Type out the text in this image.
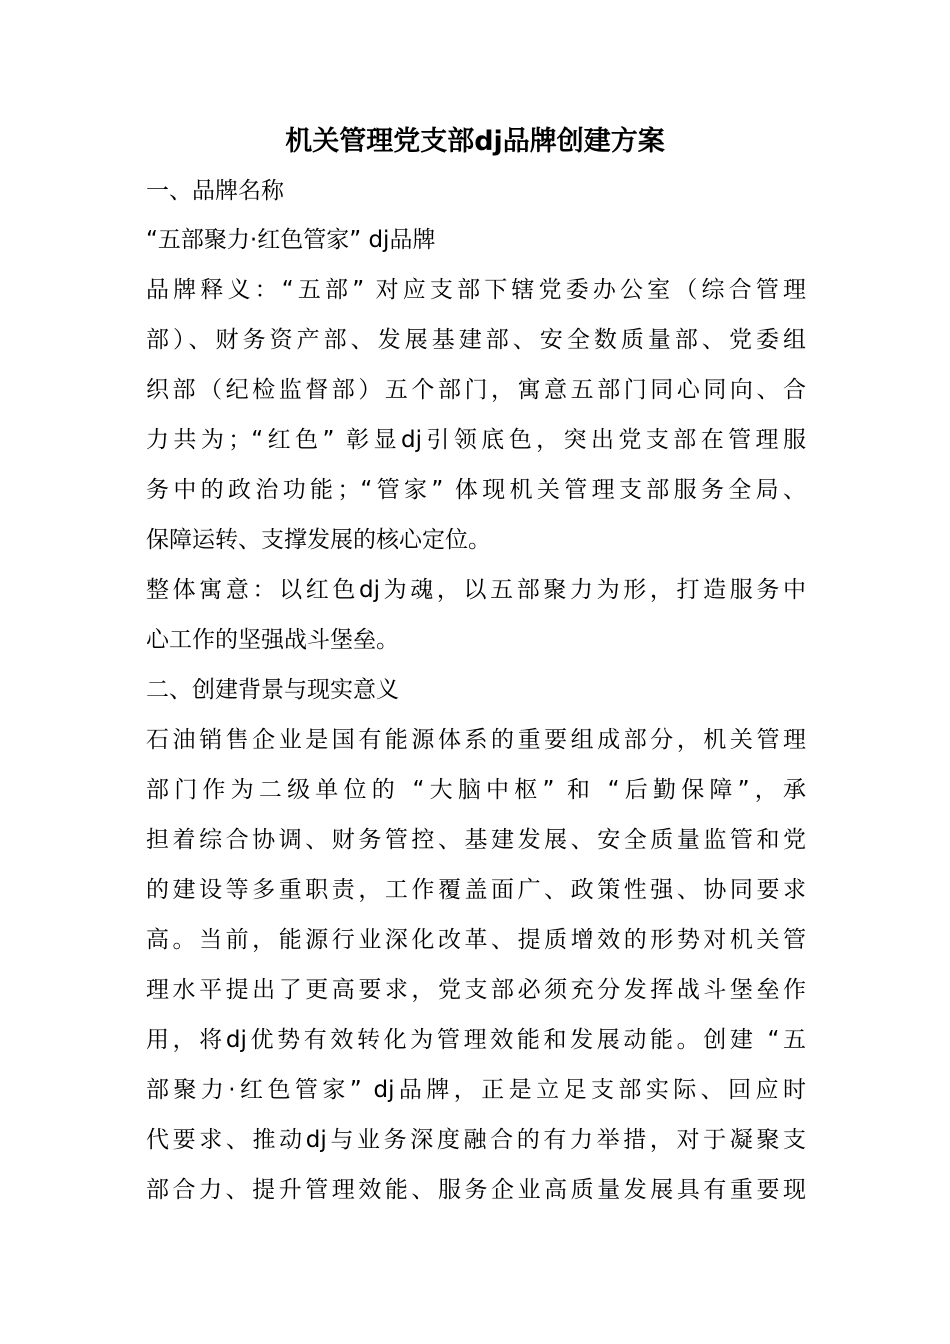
机关管理党支部dj品牌创建方案
一、品牌名称
“五部聚力·红色管家” dj品牌
品牌释义：“五部” 对应支部下辖党委办公室（综合管理
部）、财务资产部、发展基建部、安全数质量部、党委组
织部（纪检监督部）五个部门，寓意五部门同心同向、合
力共为；“红色” 彰显dj引领底色，突出党支部在管理服
务中的政治功能；“管家” 体现机关管理支部服务全局、
保障运转、支撑发展的核心定位。
整体寓意：以红色dj为魂，以五部聚力为形，打造服务中
心工作的坚强战斗堡垒。
二、创建背景与现实意义
石油销售企业是国有能源体系的重要组成部分，机关管理
部门作为二级单位的 “大脑中枢” 和 “后勤保障”，承
担着综合协调、财务管控、基建发展、安全质量监管和党
的建设等多重职责，工作覆盖面广、政策性强、协同要求
高。当前，能源行业深化改革、提质增效的形势对机关管
理水平提出了更高要求，党支部必须充分发挥战斗堡垒作
用，将dj优势有效转化为管理效能和发展动能。创建 “五
部聚力·红色管家” dj品牌，正是立足支部实际、回应时
代要求、推动dj与业务深度融合的有力举措，对于凝聚支
部合力、提升管理效能、服务企业高质量发展具有重要现
